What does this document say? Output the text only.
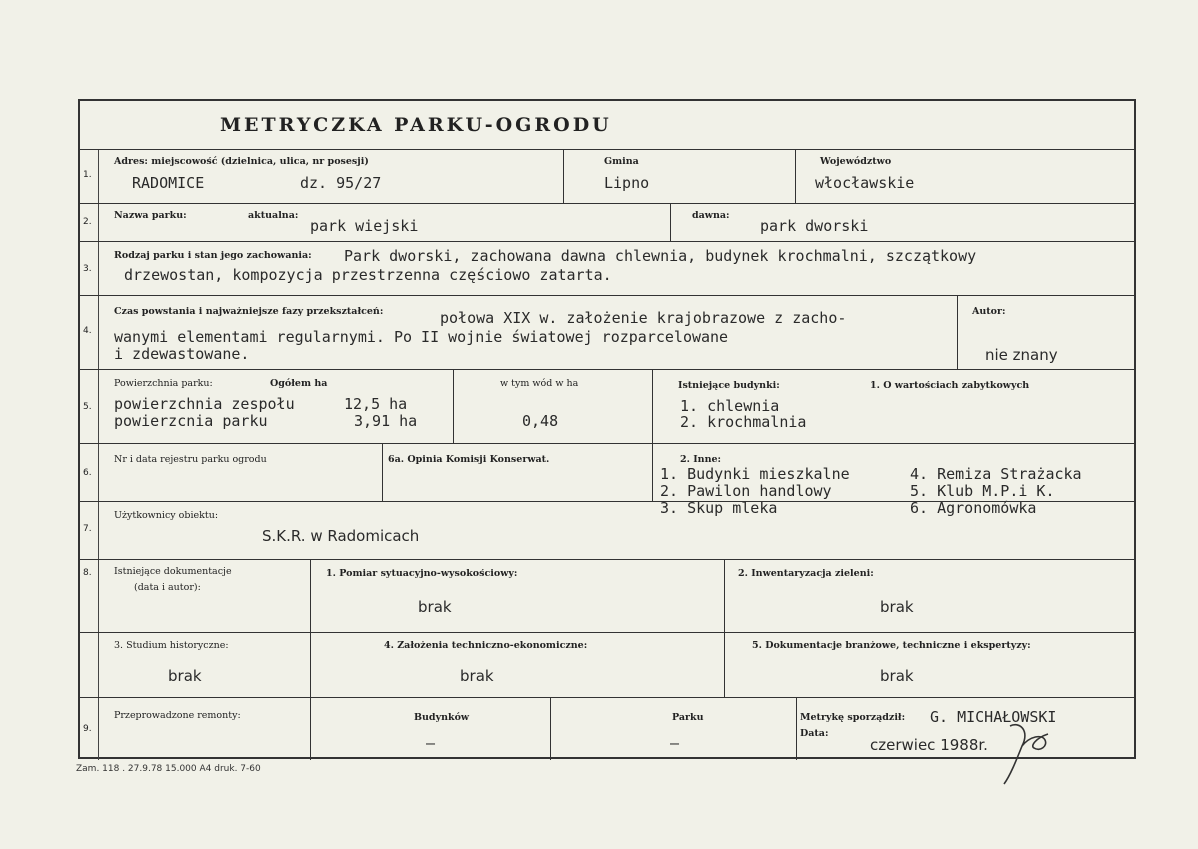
METRYCZKA PARKU-OGRODU
1.
Adres: miejscowość (dzielnica, ulica, nr posesji)
RADOMICE	dz. 95/27
Gmina
Lipno
Województwo
włocławskie
2.
Nazwa parku:	aktualna:
park wiejski
dawna:
park dworski
3.
Rodzaj parku i stan jego zachowania: Park dworski, zachowana dawna chlewnia, budynek krochmalni, szczątkowy
drzewostan, kompozycja przestrzenna częściowo zatarta.
4.
Czas powstania i najważniejsze fazy przekształceń:	połowa XIX w. założenie krajobrazowe z zacho-
wanymi elementami regularnymi. Po II wojnie światowej rozparcelowane
i zdewastowane.
Autor:
nie znany
5.
Powierzchnia parku:	Ogółem ha
powierzchnia zespołu	12,5 ha
powierzcnia parku	3,91 ha
w tym wód w ha
0,48
Istniejące budynki:	1. O wartościach zabytkowych
1. chlewnia
2. krochmalnia
6.
Nr i data rejestru parku ogrodu	6a. Opinia Komisji Konserwat.	2. Inne:
1. Budynki mieszkalne
2. Pawilon handlowy
3. Skup mleka
4. Remiza Strażacka
5. Klub M.P.i K.
6. Agronomówka
7.
Użytkownicy obiektu:
S.K.R. w Radomicach
8. Istniejące dokumentacje
(data i autor):
1. Pomiar sytuacyjno-wysokościowy:
brak
2. Inwentaryzacja zieleni:
brak
3. Studium historyczne:
brak
4. Założenia techniczno-ekonomiczne:
brak
5. Dokumentacje branżowe, techniczne i ekspertyzy:
brak
9.
Przeprowadzone remonty:	Budynków
–
Parku
–
Metrykę sporządził: G. MICHAŁOWSKI
Data:
czerwiec 1988r.
Zam. 118 . 27.9.78 15.000 A4 druk. 7-60
